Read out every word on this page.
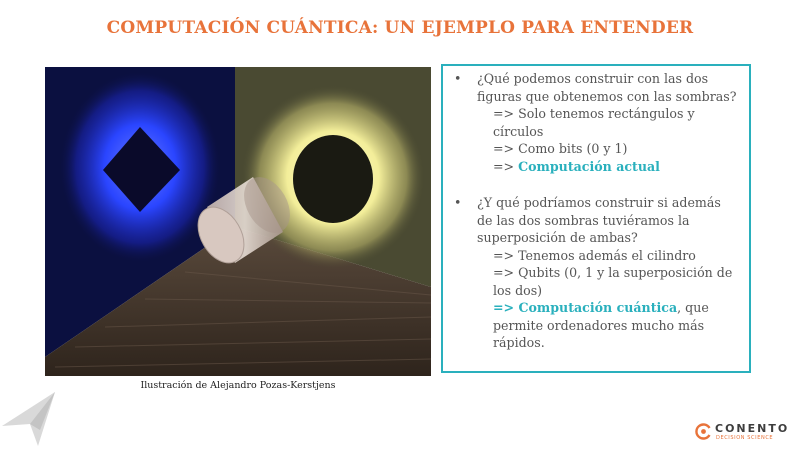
COMPUTACIÓN CUÁNTICA: UN EJEMPLO PARA ENTENDER
Ilustración de Alejandro Pozas-Kerstjens
• ¿Qué podemos construir con las dos
figuras que obtenemos con las sombras?
=> Solo tenemos rectángulos y
círculos
=> Como bits (0 y 1)
=> Computación actual
• ¿Y qué podríamos construir si además
de las dos sombras tuviéramos la
superposición de ambas?
=> Tenemos además el cilindro
=> Qubits (0, 1 y la superposición de
los dos)
=> Computación cuántica, que
permite ordenadores mucho más
rápidos.
CONENTO
DECISION SCIENCE
